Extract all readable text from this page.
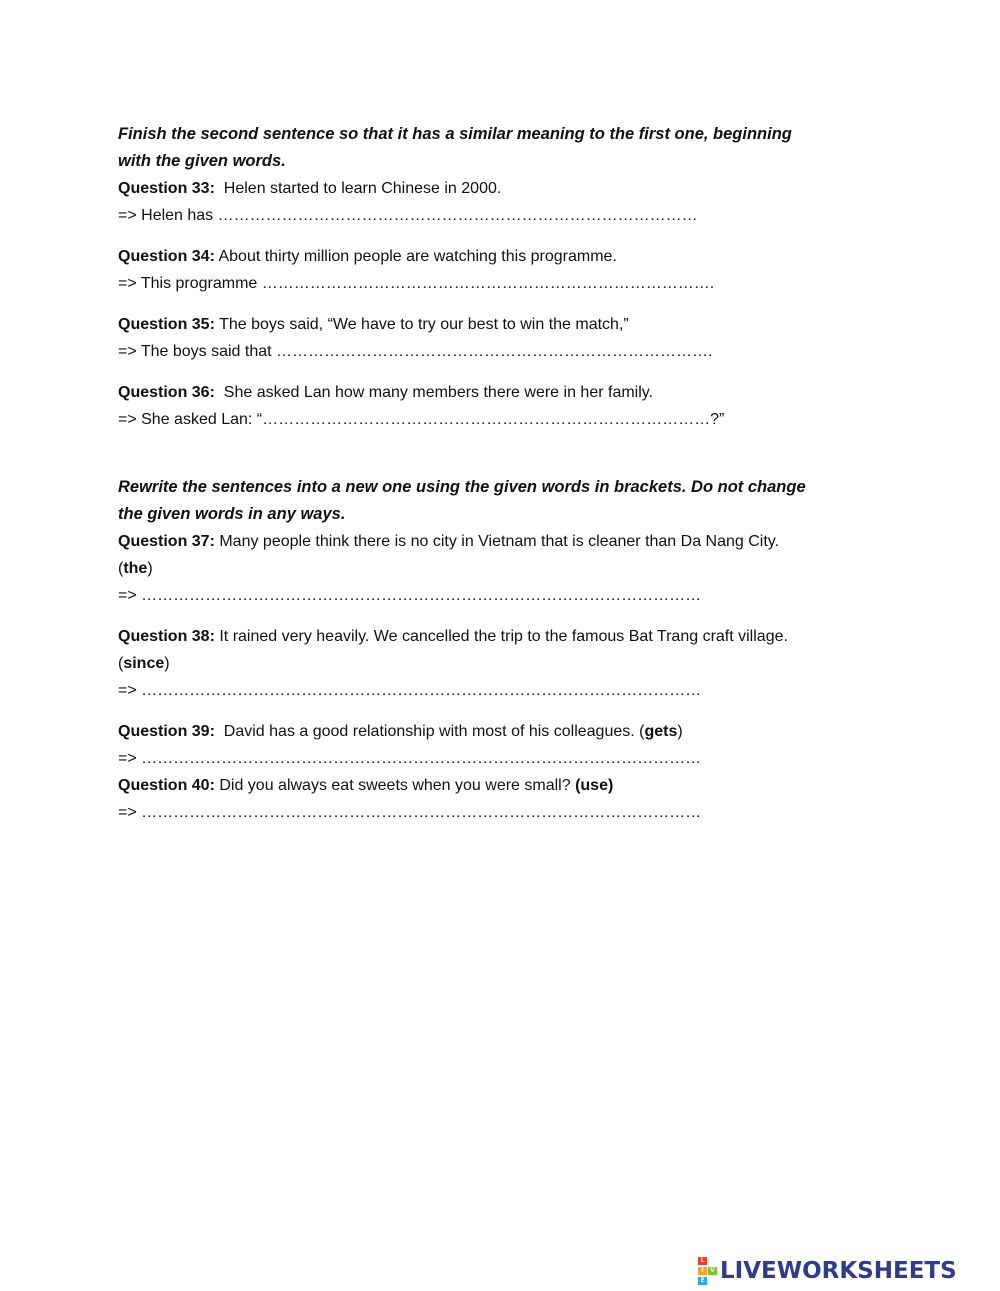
Finish the second sentence so that it has a similar meaning to the first one, beginning
with the given words.
Question 33:  Helen started to learn Chinese in 2000.
=> Helen has ………………………………………………………………………………
Question 34: About thirty million people are watching this programme.
=> This programme ………………………………………………………………………….
Question 35: The boys said, “We have to try our best to win the match,”
=> The boys said that ……………………………………………………………………….
Question 36:  She asked Lan how many members there were in her family.
=> She asked Lan: “…………………………………………………………………………?”
Rewrite the sentences into a new one using the given words in brackets. Do not change
the given words in any ways.
Question 37: Many people think there is no city in Vietnam that is cleaner than Da Nang City.
(the)
=> ……………………………………………………………………………………………
Question 38: It rained very heavily. We cancelled the trip to the famous Bat Trang craft village.
(since)
=> ……………………………………………………………………………………………
Question 39:  David has a good relationship with most of his colleagues. (gets)
=> ……………………………………………………………………………………………
Question 40: Did you always eat sweets when you were small? (use)
=> ……………………………………………………………………………………………
L
I	V
E LIVEWORKSHEETS
